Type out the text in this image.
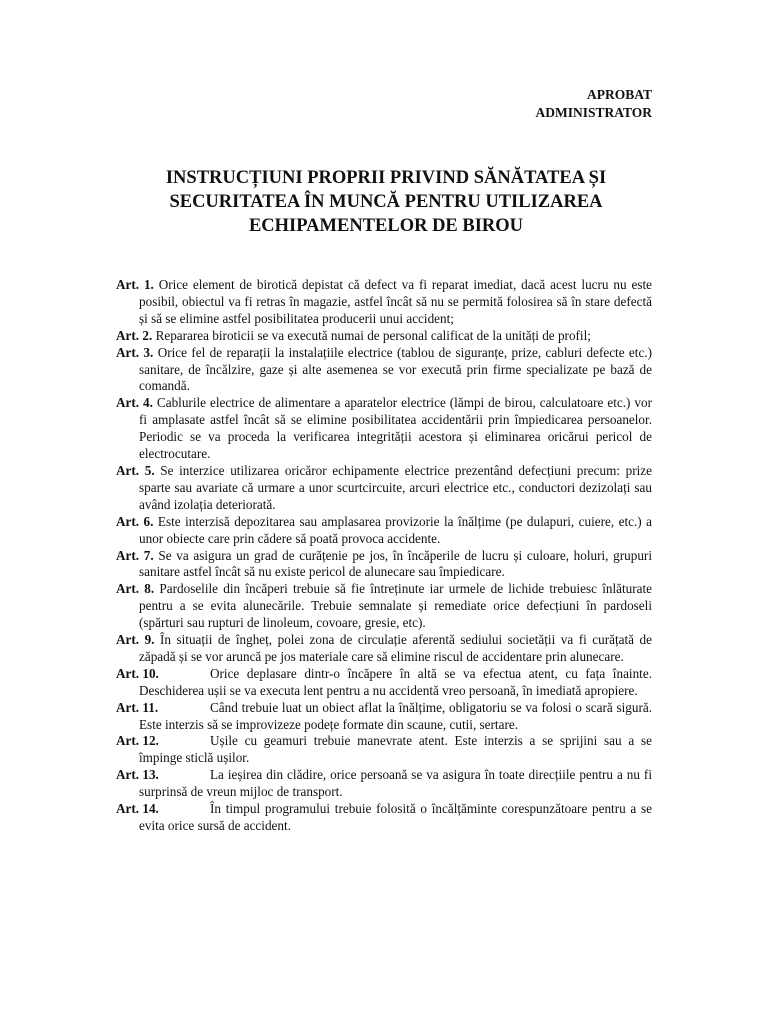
APROBAT
ADMINISTRATOR
INSTRUCȚIUNI PROPRII PRIVIND SĂNĂTATEA ȘI SECURITATEA ÎN MUNCĂ PENTRU UTILIZAREA ECHIPAMENTELOR DE BIROU

Art. 1. Orice element de birotică depistat că defect va fi reparat imediat, dacă acest lucru nu este posibil, obiectul va fi retras în magazie, astfel încât să nu se permită folosirea să în stare defectă și să se elimine astfel posibilitatea producerii unui accident;

Art. 2. Repararea biroticii se va execută numai de personal calificat de la unități de profil;

Art. 3. Orice fel de reparații la instalațiile electrice (tablou de siguranțe, prize, cabluri defecte etc.) sanitare, de încălzire, gaze și alte asemenea se vor execută prin firme specializate pe bază de comandă.

Art. 4. Cablurile electrice de alimentare a aparatelor electrice (lămpi de birou, calculatoare etc.) vor fi amplasate astfel încât să se elimine posibilitatea accidentării prin împiedicarea persoanelor. Periodic se va proceda la verificarea integrității acestora și eliminarea oricărui pericol de electrocutare.

Art. 5. Se interzice utilizarea oricăror echipamente electrice prezentând defecțiuni precum: prize sparte sau avariate că urmare a unor scurtcircuite, arcuri electrice etc., conductori dezizolați sau având izolația deteriorată.

Art. 6. Este interzisă depozitarea sau amplasarea provizorie la înălțime (pe dulapuri, cuiere, etc.) a unor obiecte care prin cădere să poată provoca accidente.

Art. 7. Se va asigura un grad de curățenie pe jos, în încăperile de lucru și culoare, holuri, grupuri sanitare astfel încât să nu existe pericol de alunecare sau împiedicare.

Art. 8. Pardoselile din încăperi trebuie să fie întreținute iar urmele de lichide trebuiesc înlăturate pentru a se evita alunecările. Trebuie semnalate și remediate orice defecțiuni în pardoseli (spărturi sau rupturi de linoleum, covoare, gresie, etc).

Art. 9. În situații de îngheț, polei zona de circulație aferentă sediului societății va fi curățată de zăpadă și se vor aruncă pe jos materiale care să elimine riscul de accidentare prin alunecare.

Art. 10.	Orice deplasare dintr-o încăpere în altă se va efectua atent, cu fața înainte. Deschiderea ușii se va executa lent pentru a nu accidentă vreo persoană, în imediată apropiere.

Art. 11.	Când trebuie luat un obiect aflat la înălțime, obligatoriu se va folosi o scară sigură. Este interzis să se improvizeze podețe formate din scaune, cutii, sertare.

Art. 12.	Ușile cu geamuri trebuie manevrate atent. Este interzis a se sprijini sau a se împinge sticlă ușilor.

Art. 13.	La ieșirea din clădire, orice persoană se va asigura în toate direcțiile pentru a nu fi surprinsă de vreun mijloc de transport.

Art. 14.	În timpul programului trebuie folosită o încălțăminte corespunzătoare pentru a se evita orice sursă de accident.
